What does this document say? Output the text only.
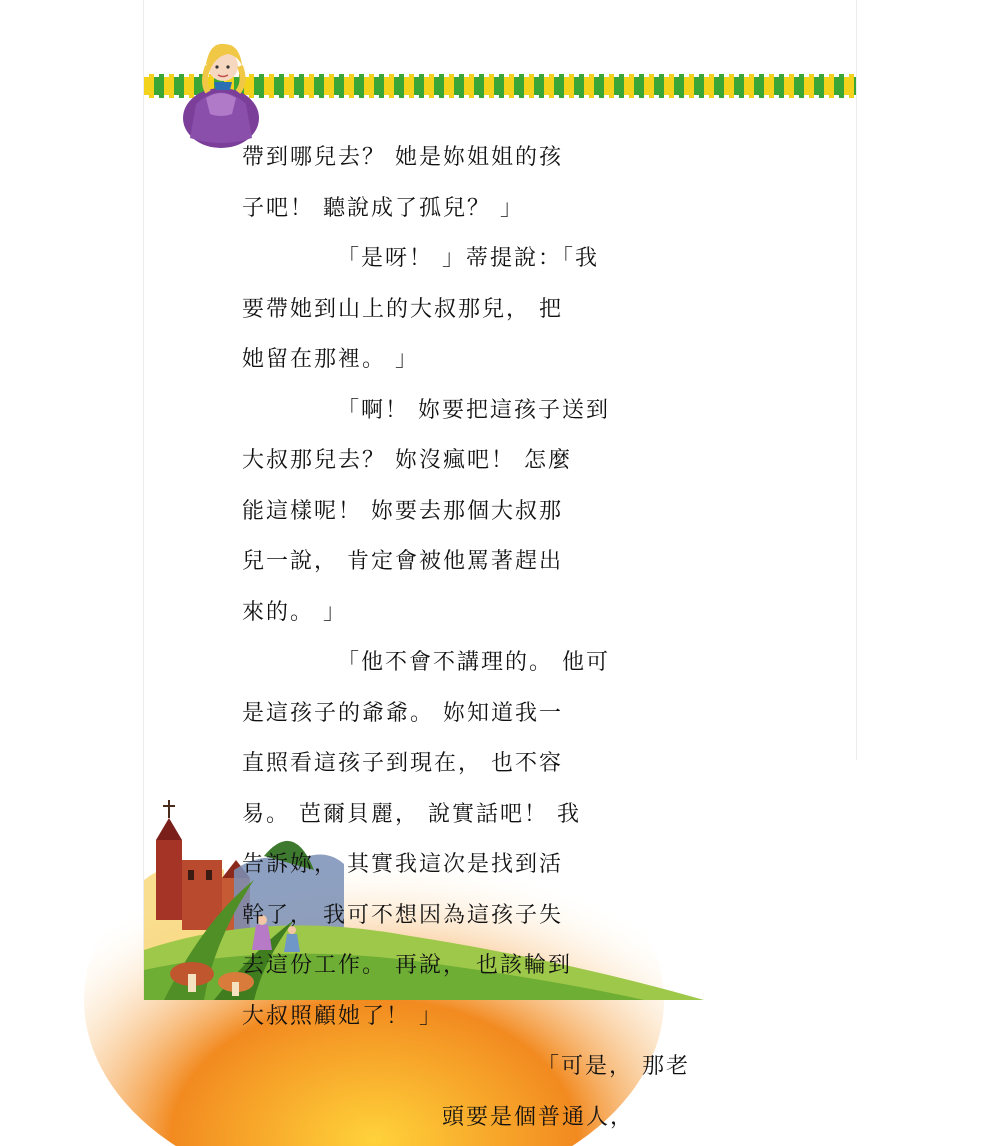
帶到哪兒去？ 她是妳姐姐的孩
子吧！ 聽說成了孤兒？ 」
「是呀！ 」蒂提說：「我
要帶她到山上的大叔那兒， 把
她留在那裡。 」
「啊！ 妳要把這孩子送到
大叔那兒去？ 妳沒瘋吧！ 怎麼
能這樣呢！ 妳要去那個大叔那
兒一說， 肯定會被他罵著趕出
來的。 」
「他不會不講理的。 他可
是這孩子的爺爺。 妳知道我一
直照看這孩子到現在， 也不容
易。 芭爾貝麗， 說實話吧！ 我
告訴妳， 其實我這次是找到活
幹了， 我可不想因為這孩子失
去這份工作。 再說， 也該輪到
大叔照顧她了！ 」
「可是， 那老
頭要是個普通人，
